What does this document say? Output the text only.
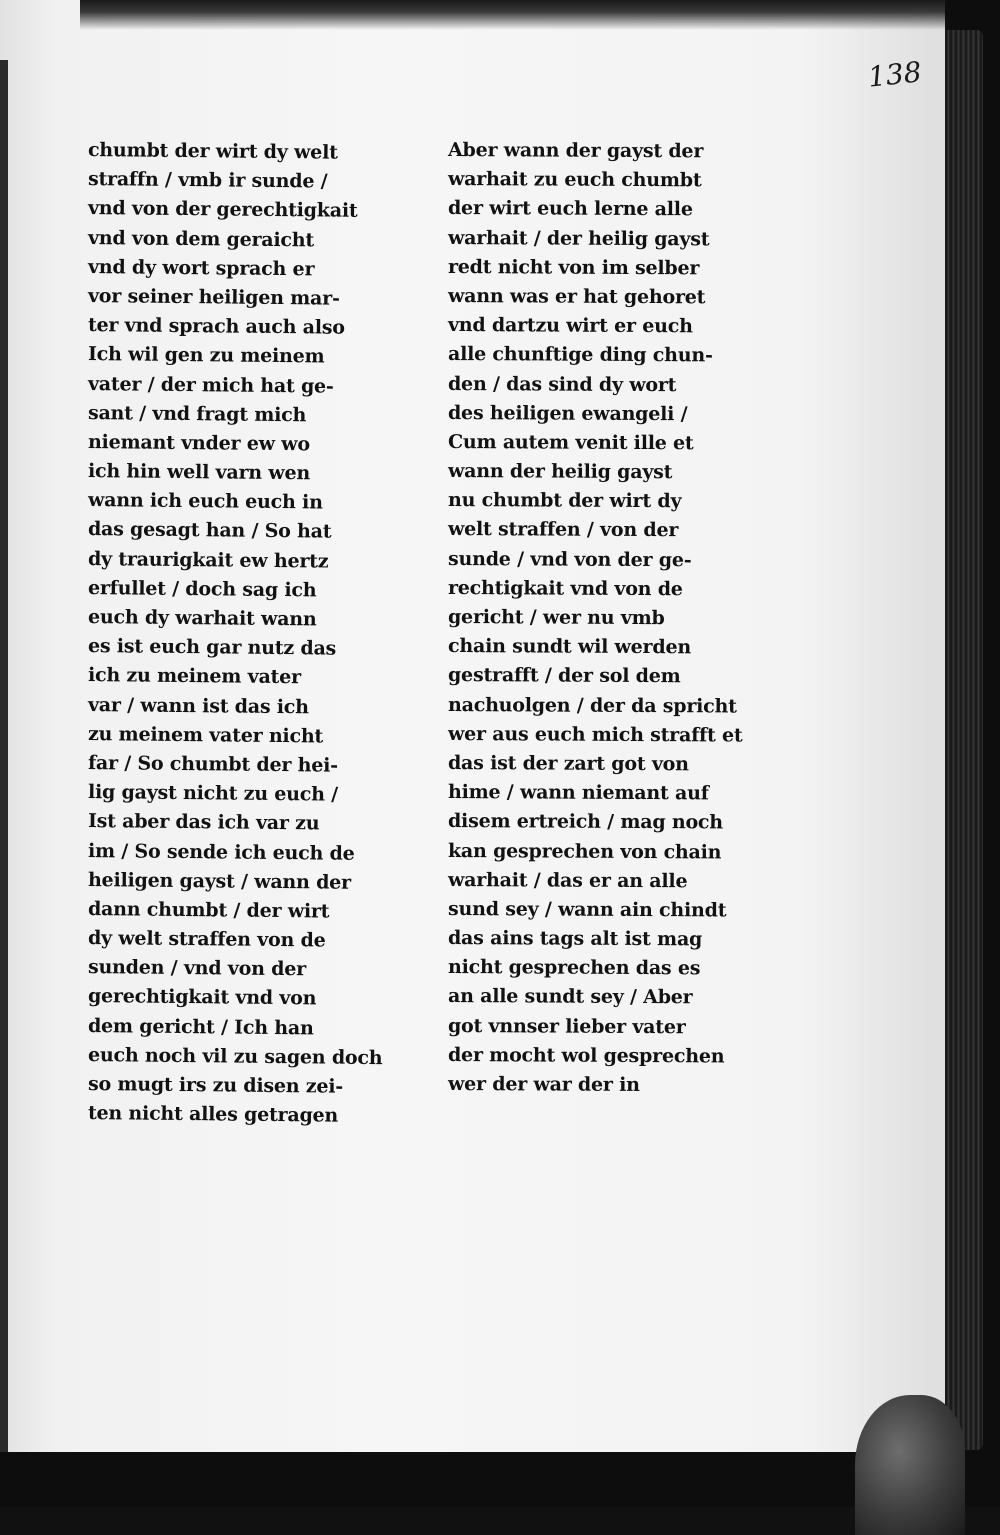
138
chumbt der wirt dy welt
straffn / vmb ir sunde /
vnd von der gerechtigkait
vnd von dem geraicht
vnd dy wort sprach er
vor seiner heiligen mar-
ter vnd sprach auch also
Ich wil gen zu meinem
vater / der mich hat ge-
sant / vnd fragt mich
niemant vnder ew wo
ich hin well varn wen
wann ich euch euch in
das gesagt han / So hat
dy traurigkait ew hertz
erfullet / doch sag ich
euch dy warhait wann
es ist euch gar nutz das
ich zu meinem vater
var / wann ist das ich
zu meinem vater nicht
far / So chumbt der hei-
lig gayst nicht zu euch /
Ist aber das ich var zu
im / So sende ich euch de
heiligen gayst / wann der
dann chumbt / der wirt
dy welt straffen von de
sunden / vnd von der
gerechtigkait vnd von
dem gericht / Ich han
euch noch vil zu sagen doch
so mugt irs zu disen zei-
ten nicht alles getragen
Aber wann der gayst der
warhait zu euch chumbt
der wirt euch lerne alle
warhait / der heilig gayst
redt nicht von im selber
wann was er hat gehoret
vnd dartzu wirt er euch
alle chunftige ding chun-
den / das sind dy wort
des heiligen ewangeli /
Cum autem venit ille et
wann der heilig gayst
nu chumbt der wirt dy
welt straffen / von der
sunde / vnd von der ge-
rechtigkait vnd von de
gericht / wer nu vmb
chain sundt wil werden
gestrafft / der sol dem
nachuolgen / der da spricht
wer aus euch mich strafft et
das ist der zart got von
hime / wann niemant auf
disem ertreich / mag noch
kan gesprechen von chain
warhait / das er an alle
sund sey / wann ain chindt
das ains tags alt ist mag
nicht gesprechen das es
an alle sundt sey / Aber
got vnnser lieber vater
der mocht wol gesprechen
wer der war der in
